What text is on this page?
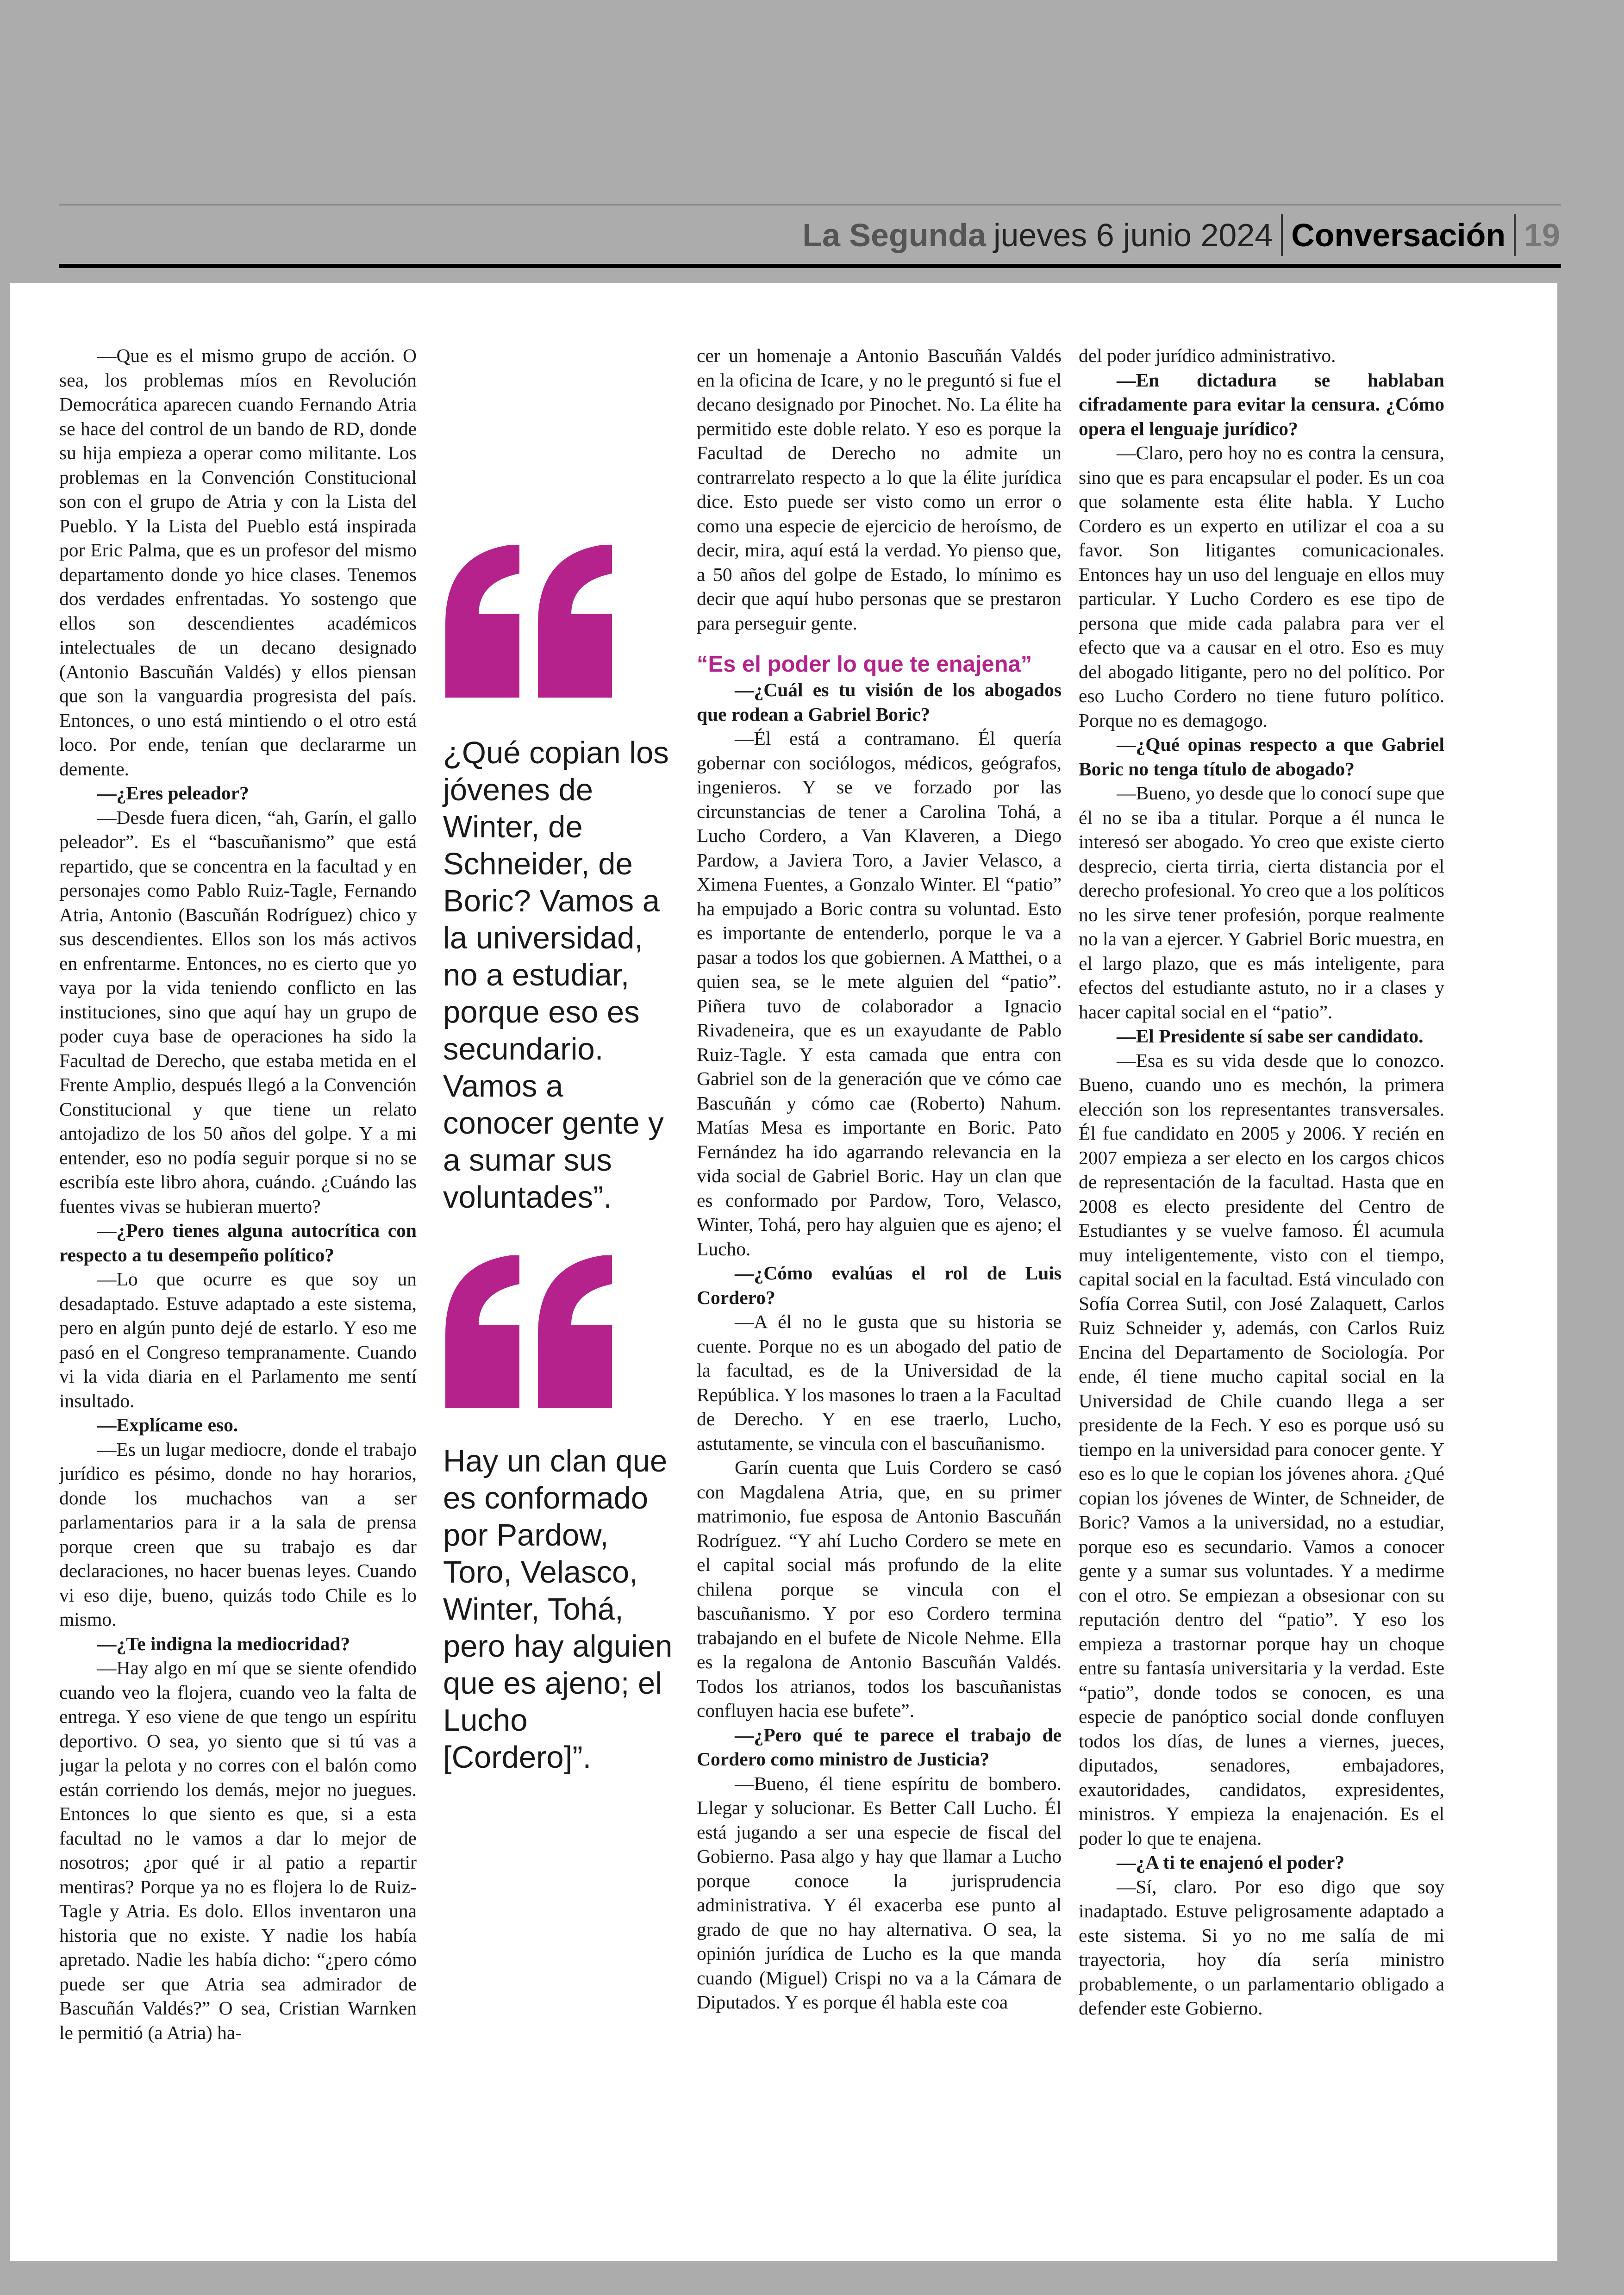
La Segunda jueves 6 junio 2024 Conversación 19

—Que es el mismo grupo de acción. O sea, los problemas míos en Revolución Democrática aparecen cuando Fernando Atria se hace del control de un bando de RD, donde su hija empieza a operar como militante. Los problemas en la Convención Constitucional son con el grupo de Atria y con la Lista del Pueblo. Y la Lista del Pueblo está inspirada por Eric Palma, que es un profesor del mismo departamento donde yo hice clases. Tenemos dos verdades enfrentadas. Yo sostengo que ellos son descendientes académicos intelectuales de un decano designado (Antonio Bascuñán Valdés) y ellos piensan que son la vanguardia progresista del país. Entonces, o uno está mintiendo o el otro está loco. Por ende, tenían que declararme un demente.

—¿Eres peleador?

—Desde fuera dicen, “ah, Garín, el gallo peleador”. Es el “bascuñanismo” que está repartido, que se concentra en la facultad y en personajes como Pablo Ruiz-Tagle, Fernando Atria, Antonio (Bascuñán Rodríguez) chico y sus descendientes. Ellos son los más activos en enfrentarme. Entonces, no es cierto que yo vaya por la vida teniendo conflicto en las instituciones, sino que aquí hay un grupo de poder cuya base de operaciones ha sido la Facultad de Derecho, que estaba metida en el Frente Amplio, después llegó a la Convención Constitucional y que tiene un relato antojadizo de los 50 años del golpe. Y a mi entender, eso no podía seguir porque si no se escribía este libro ahora, cuándo. ¿Cuándo las fuentes vivas se hubieran muerto?

—¿Pero tienes alguna autocrítica con respecto a tu desempeño político?

—Lo que ocurre es que soy un desadaptado. Estuve adaptado a este sistema, pero en algún punto dejé de estarlo. Y eso me pasó en el Congreso tempranamente. Cuando vi la vida diaria en el Parlamento me sentí insultado.

—Explícame eso.

—Es un lugar mediocre, donde el trabajo jurídico es pésimo, donde no hay horarios, donde los muchachos van a ser parlamentarios para ir a la sala de prensa porque creen que su trabajo es dar declaraciones, no hacer buenas leyes. Cuando vi eso dije, bueno, quizás todo Chile es lo mismo.

—¿Te indigna la mediocridad?

—Hay algo en mí que se siente ofendido cuando veo la flojera, cuando veo la falta de entrega. Y eso viene de que tengo un espíritu deportivo. O sea, yo siento que si tú vas a jugar la pelota y no corres con el balón como están corriendo los demás, mejor no juegues. Entonces lo que siento es que, si a esta facultad no le vamos a dar lo mejor de nosotros; ¿por qué ir al patio a repartir mentiras? Porque ya no es flojera lo de Ruiz-Tagle y Atria. Es dolo. Ellos inventaron una historia que no existe. Y nadie los había apretado. Nadie les había dicho: “¿pero cómo puede ser que Atria sea admirador de Bascuñán Valdés?” O sea, Cristian Warnken le permitió (a Atria) ha-

¿Qué copian los jóvenes de Winter, de Schneider, de Boric? Vamos a la universidad, no a estudiar, porque eso es secundario. Vamos a conocer gente y a sumar sus voluntades”.
Hay un clan que es conformado por Pardow, Toro, Velasco, Winter, Tohá, pero hay alguien que es ajeno; el Lucho [Cordero]”.

cer un homenaje a Antonio Bascuñán Valdés en la oficina de Icare, y no le preguntó si fue el decano designado por Pinochet. No. La élite ha permitido este doble relato. Y eso es porque la Facultad de Derecho no admite un contrarrelato respecto a lo que la élite jurídica dice. Esto puede ser visto como un error o como una especie de ejercicio de heroísmo, de decir, mira, aquí está la verdad. Yo pienso que, a 50 años del golpe de Estado, lo mínimo es decir que aquí hubo personas que se prestaron para perseguir gente.

“Es el poder lo que te enajena”

—¿Cuál es tu visión de los abogados que rodean a Gabriel Boric?

—Él está a contramano. Él quería gobernar con sociólogos, médicos, geógrafos, ingenieros. Y se ve forzado por las circunstancias de tener a Carolina Tohá, a Lucho Cordero, a Van Klaveren, a Diego Pardow, a Javiera Toro, a Javier Velasco, a Ximena Fuentes, a Gonzalo Winter. El “patio” ha empujado a Boric contra su voluntad. Esto es importante de entenderlo, porque le va a pasar a todos los que gobiernen. A Matthei, o a quien sea, se le mete alguien del “patio”. Piñera tuvo de colaborador a Ignacio Rivadeneira, que es un exayudante de Pablo Ruiz-Tagle. Y esta camada que entra con Gabriel son de la generación que ve cómo cae Bascuñán y cómo cae (Roberto) Nahum. Matías Mesa es importante en Boric. Pato Fernández ha ido agarrando relevancia en la vida social de Gabriel Boric. Hay un clan que es conformado por Pardow, Toro, Velasco, Winter, Tohá, pero hay alguien que es ajeno; el Lucho.

—¿Cómo evalúas el rol de Luis Cordero?

—A él no le gusta que su historia se cuente. Porque no es un abogado del patio de la facultad, es de la Universidad de la República. Y los masones lo traen a la Facultad de Derecho. Y en ese traerlo, Lucho, astutamente, se vincula con el bascuñanismo.

Garín cuenta que Luis Cordero se casó con Magdalena Atria, que, en su primer matrimonio, fue esposa de Antonio Bascuñán Rodríguez. “Y ahí Lucho Cordero se mete en el capital social más profundo de la elite chilena porque se vincula con el bascuñanismo. Y por eso Cordero termina trabajando en el bufete de Nicole Nehme. Ella es la regalona de Antonio Bascuñán Valdés. Todos los atrianos, todos los bascuñanistas confluyen hacia ese bufete”.

—¿Pero qué te parece el trabajo de Cordero como ministro de Justicia?

—Bueno, él tiene espíritu de bombero. Llegar y solucionar. Es Better Call Lucho. Él está jugando a ser una especie de fiscal del Gobierno. Pasa algo y hay que llamar a Lucho porque conoce la jurisprudencia administrativa. Y él exacerba ese punto al grado de que no hay alternativa. O sea, la opinión jurídica de Lucho es la que manda cuando (Miguel) Crispi no va a la Cámara de Diputados. Y es porque él habla este coa

del poder jurídico administrativo.

—En dictadura se hablaban cifradamente para evitar la censura. ¿Cómo opera el lenguaje jurídico?

—Claro, pero hoy no es contra la censura, sino que es para encapsular el poder. Es un coa que solamente esta élite habla. Y Lucho Cordero es un experto en utilizar el coa a su favor. Son litigantes comunicacionales. Entonces hay un uso del lenguaje en ellos muy particular. Y Lucho Cordero es ese tipo de persona que mide cada palabra para ver el efecto que va a causar en el otro. Eso es muy del abogado litigante, pero no del político. Por eso Lucho Cordero no tiene futuro político. Porque no es demagogo.

—¿Qué opinas respecto a que Gabriel Boric no tenga título de abogado?

—Bueno, yo desde que lo conocí supe que él no se iba a titular. Porque a él nunca le interesó ser abogado. Yo creo que existe cierto desprecio, cierta tirria, cierta distancia por el derecho profesional. Yo creo que a los políticos no les sirve tener profesión, porque realmente no la van a ejercer. Y Gabriel Boric muestra, en el largo plazo, que es más inteligente, para efectos del estudiante astuto, no ir a clases y hacer capital social en el “patio”.

—El Presidente sí sabe ser candidato.

—Esa es su vida desde que lo conozco. Bueno, cuando uno es mechón, la primera elección son los representantes transversales. Él fue candidato en 2005 y 2006. Y recién en 2007 empieza a ser electo en los cargos chicos de representación de la facultad. Hasta que en 2008 es electo presidente del Centro de Estudiantes y se vuelve famoso. Él acumula muy inteligentemente, visto con el tiempo, capital social en la facultad. Está vinculado con Sofía Correa Sutil, con José Zalaquett, Carlos Ruiz Schneider y, además, con Carlos Ruiz Encina del Departamento de Sociología. Por ende, él tiene mucho capital social en la Universidad de Chile cuando llega a ser presidente de la Fech. Y eso es porque usó su tiempo en la universidad para conocer gente. Y eso es lo que le copian los jóvenes ahora. ¿Qué copian los jóvenes de Winter, de Schneider, de Boric? Vamos a la universidad, no a estudiar, porque eso es secundario. Vamos a conocer gente y a sumar sus voluntades. Y a medirme con el otro. Se empiezan a obsesionar con su reputación dentro del “patio”. Y eso los empieza a trastornar porque hay un choque entre su fantasía universitaria y la verdad. Este “patio”, donde todos se conocen, es una especie de panóptico social donde confluyen todos los días, de lunes a viernes, jueces, diputados, senadores, embajadores, exautoridades, candidatos, expresidentes, ministros. Y empieza la enajenación. Es el poder lo que te enajena.

—¿A ti te enajenó el poder?

—Sí, claro. Por eso digo que soy inadaptado. Estuve peligrosamente adaptado a este sistema. Si yo no me salía de mi trayectoria, hoy día sería ministro probablemente, o un parlamentario obligado a defender este Gobierno.
